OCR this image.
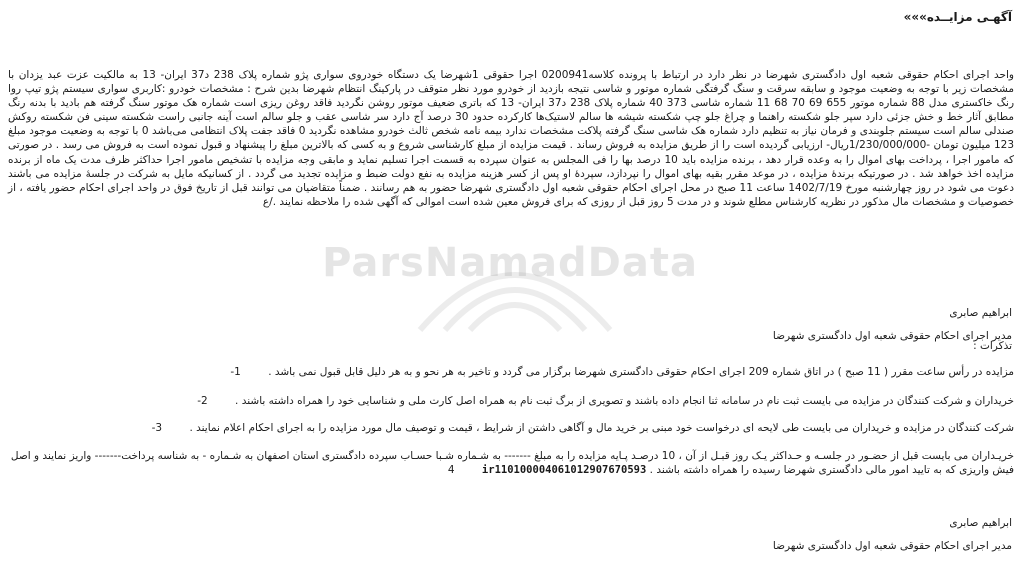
ParsNamadData
آگهـی مزایــده»»»
واحد اجرای احکام حقوقی شعبه اول دادگستری شهرضا در نظر دارد در ارتباط با پرونده کلاسه0200941 اجرا حقوقی 1شهرضا یک دستگاه خودروی سواری پژو شماره پلاک 238 د37 ایران- 13 به مالکیت عزت عبد یزدان با مشخصات زیر با توجه به وضعیت موجود و سابقه سرقت و سنگ گرفتگی شماره موتور و شاسی نتیجه بازدید از خودرو مورد نظر متوقف در پارکینگ انتظام شهرضا بدین شرح : مشخصات خودرو :کاربری سواری سیستم پژو تیپ روا رنگ خاکستری مدل 88 شماره موتور 655 69 70 68 11 شماره شاسی 373 40 شماره پلاک 238 د37 ایران- 13 که باتری ضعیف موتور روشن نگردید فاقد روغن ریزی است شماره هک موتور سنگ گرفته هم بادید با بدنه رنگ مطابق آثار خط و خش جزئی دارد سپر جلو شکسته راهنما و چراغ جلو چپ شکسته شیشه ها سالم لاستیک‌ها کارکرده حدود 30 درصد آج دارد سر شاسی عقب و جلو سالم است آینه جانبی راست شکسته سینی فن شکسته روکش صندلی سالم است سیستم جلوبندی و فرمان نیاز به تنظیم دارد شماره هک شاسی سنگ گرفته پلاکت مشخصات ندارد بیمه نامه شخص ثالث خودرو مشاهده نگردید 0 فاقد جفت پلاک انتظامی می‌باشد 0 با توجه به وضعیت موجود مبلغ 123 میلیون تومان -1/230/000/000ریال- ارزیابی گردیده است را از طریق مزایده به فروش رساند . قیمت مزایده از مبلغ کارشناسی شروع و به کسی که بالاترین مبلغ را پیشنهاد و قبول نموده است به فروش می رسد . در صورتی که مامور اجرا ، پرداخت بهای اموال را به وعده قرار دهد ، برنده مزایده باید 10 درصد بها را فی المجلس به عنوان سپرده به قسمت اجرا تسلیم نماید و مابقی وجه مزایده با تشخیص مامور اجرا حداکثر ظرف مدت یک ماه از برنده مزایده اخذ خواهد شد . در صورتیکه برندۀ مزایده ، در موعد مقرر بقیه بهای اموال را نپردازد، سپردۀ او پس از کسر هزینه مزایده به نفع دولت ضبط و مزایده تجدید می گردد . از کسانیکه مایل به شرکت در جلسۀ مزایده می باشند دعوت می شود در روز چهارشنبه مورخ 1402/7/19 ساعت 11 صبح در محل اجرای احکام حقوقی شعبه اول دادگستری شهرضا حضور به هم رسانند . ضمناً متقاضیان می توانند قبل از تاریخ فوق در واحد اجرای احکام حضور یافته ، از خصوصیات و مشخصات مال مذکور در نظریه کارشناس مطلع شوند و در مدت 5 روز قبل از روزی که برای فروش معین شده است اموالی که آگهی شده را ملاحظه نمایند ./ع
ابراهیم صابری
مدیر اجرای احکام حقوقی شعبه اول دادگستری شهرضا
تذکرات :
مزایده در رأس ساعت مقرر ( 11 صبح ) در اتاق شماره 209 اجرای احکام حقوقی دادگستری شهرضا برگزار می گردد و تاخیر به هر نحو و به هر دلیل قابل قبول نمی باشد . 1-
خریداران و شرکت کنندگان در مزایده می بایست ثبت نام در سامانه ثنا انجام داده باشند و تصویری از برگ ثبت نام به همراه اصل کارت ملی و شناسایی خود را همراه داشته باشند . 2-
شرکت کنندگان در مزایده و خریداران می بایست طی لایحه ای درخواست خود مبنی بر خرید مال و آگاهی داشتن از شرایط ، قیمت و توصیف مال مورد مزایده را به اجرای احکام اعلام نمایند . 3-
خریـداران می بایست قبل از حضـور در جلسـه و حـداکثر یـک روز قبـل از آن ، 10 درصـد پـایه مزایده را به مبلغ ------- به شـماره شـبا حسـاب سپرده دادگستری استان اصفهان به شـماره - به شناسه پرداخت------- واریز نمایند و اصل فیش واریزی که به تایید امور مالی دادگستری شهرضا رسیده را همراه داشته باشند . ir110100004061012907670593 4
ابراهیم صابری
مدیر اجرای احکام حقوقی شعبه اول دادگستری شهرضا
